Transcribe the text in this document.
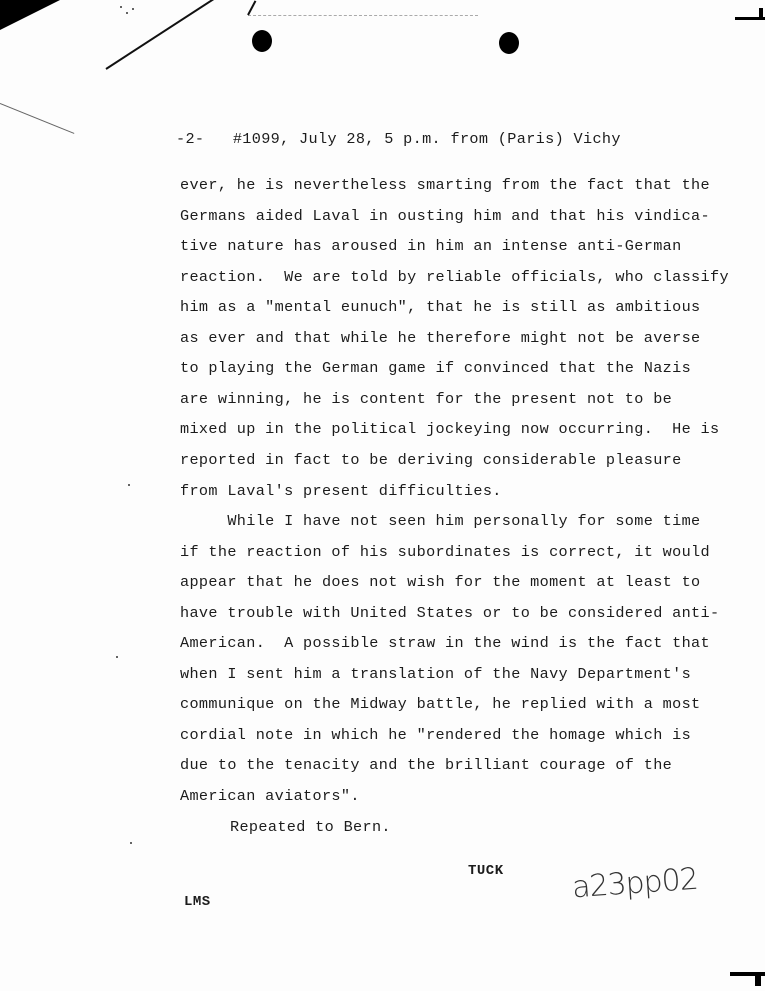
-2- #1099, July 28, 5 p.m. from (Paris) Vichy
ever, he is nevertheless smarting from the fact that the
Germans aided Laval in ousting him and that his vindica-
tive nature has aroused in him an intense anti-German
reaction.  We are told by reliable officials, who classify
him as a "mental eunuch", that he is still as ambitious
as ever and that while he therefore might not be averse
to playing the German game if convinced that the Nazis
are winning, he is content for the present not to be
mixed up in the political jockeying now occurring.  He is
reported in fact to be deriving considerable pleasure
from Laval's present difficulties.
While I have not seen him personally for some time
if the reaction of his subordinates is correct, it would
appear that he does not wish for the moment at least to
have trouble with United States or to be considered anti-
American.  A possible straw in the wind is the fact that
when I sent him a translation of the Navy Department's
communique on the Midway battle, he replied with a most
cordial note in which he "rendered the homage which is
due to the tenacity and the brilliant courage of the
American aviators".
Repeated to Bern.
TUCK
LMS	a23pp02
